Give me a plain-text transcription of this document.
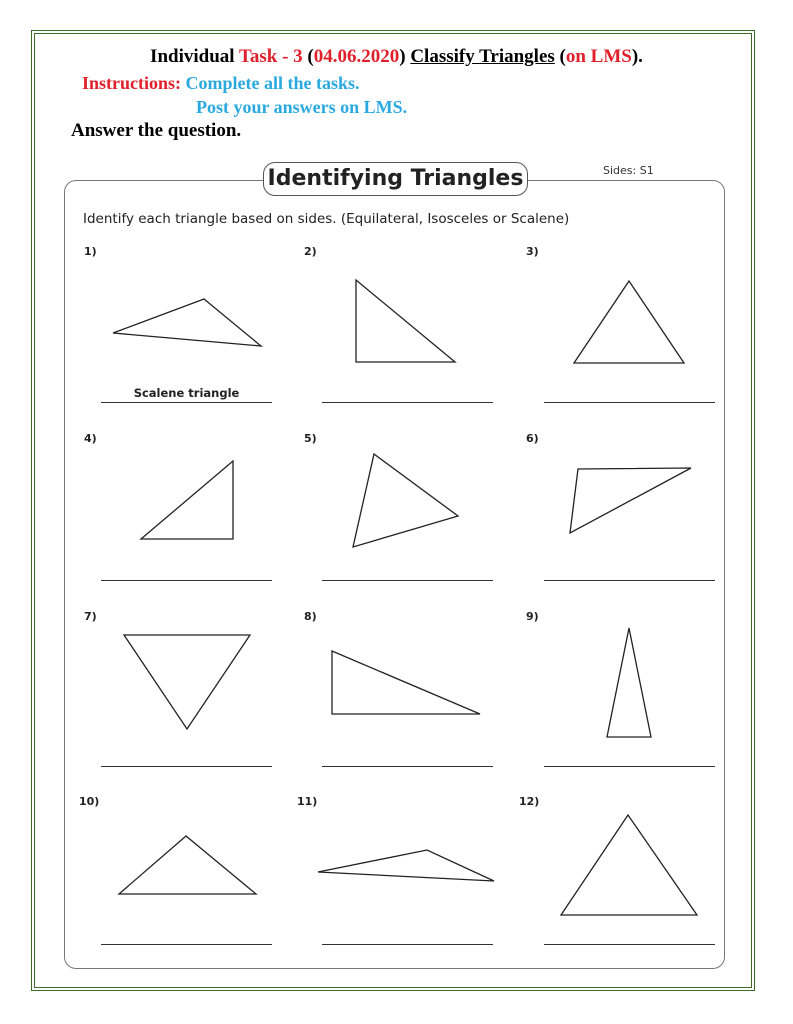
Individual Task - 3 (04.06.2020) Classify Triangles (on LMS).
Instructions: Complete all the tasks.
Post your answers on LMS.
Answer the question.
Identifying Triangles	Sides: S1
Identify each triangle based on sides. (Equilateral, Isosceles or Scalene)
1)	2)	3)
4)	5)	6)
7)	8)	9)
10)	11)	12)
Scalene triangle
